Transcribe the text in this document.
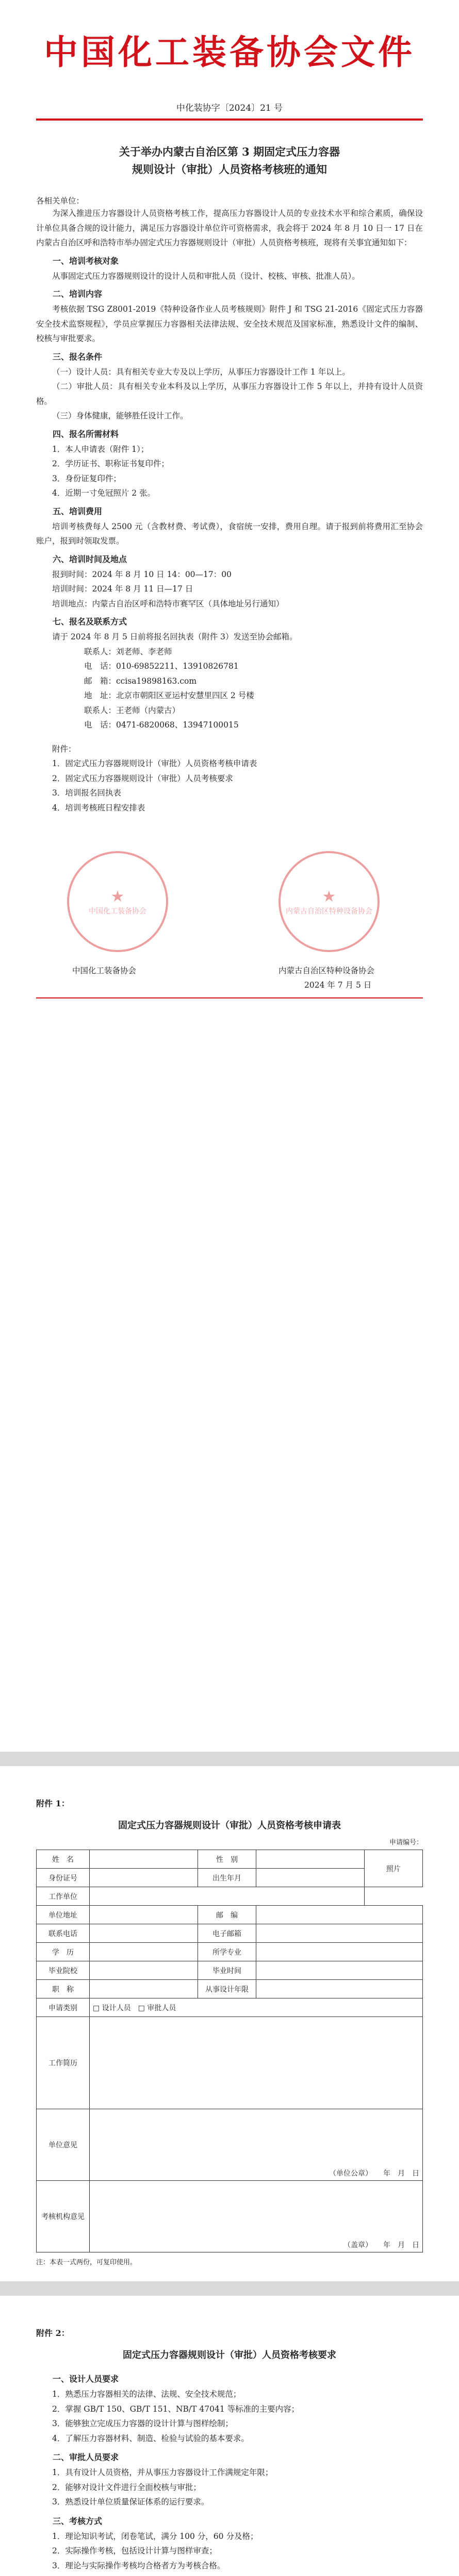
中国化工装备协会文件
中化装协字〔2024〕21 号
关于举办内蒙古自治区第 3 期固定式压力容器
规则设计（审批）人员资格考核班的通知
各相关单位：

为深入推进压力容器设计人员资格考核工作，提高压力容器设计人员的专业技术水平和综合素质，确保设计单位具备合规的设计能力，满足压力容器设计单位许可资格需求，我会将于 2024 年 8 月 10 日一 17 日在内蒙古自治区呼和浩特市举办固定式压力容器规则设计（审批）人员资格考核班，现将有关事宜通知如下：

一、培训考核对象

从事固定式压力容器规则设计的设计人员和审批人员（设计、校核、审核、批准人员）。

二、培训内容

考核依据 TSG Z8001-2019《特种设备作业人员考核规则》附件 J 和 TSG 21-2016《固定式压力容器安全技术监察规程》，学员应掌握压力容器相关法律法规、安全技术规范及国家标准，熟悉设计文件的编制、校核与审批要求。

三、报名条件

（一）设计人员：具有相关专业大专及以上学历，从事压力容器设计工作 1 年以上。

（二）审批人员：具有相关专业本科及以上学历，从事压力容器设计工作 5 年以上，并持有设计人员资格。

（三）身体健康，能够胜任设计工作。

四、报名所需材料

1．本人申请表（附件 1）；

2．学历证书、职称证书复印件；

3．身份证复印件；

4．近期一寸免冠照片 2 张。

五、培训费用

培训考核费每人 2500 元（含教材费、考试费），食宿统一安排，费用自理。请于报到前将费用汇至协会账户，报到时领取发票。

六、培训时间及地点

报到时间：2024 年 8 月 10 日 14：00—17：00

培训时间：2024 年 8 月 11 日—17 日

培训地点：内蒙古自治区呼和浩特市赛罕区（具体地址另行通知）

七、报名及联系方式

请于 2024 年 8 月 5 日前将报名回执表（附件 3）发送至协会邮箱。

联系人：刘老师、李老师

电　话：010-69852211、13910826781

邮　箱：ccisa19898163.com

地　址：北京市朝阳区亚运村安慧里四区 2 号楼

联系人：王老师（内蒙古）

电　话：0471-6820068、13947100015

附件：

1．固定式压力容器规则设计（审批）人员资格考核申请表

2．固定式压力容器规则设计（审批）人员考核要求

3．培训报名回执表

4．培训考核班日程安排表

★
中国化工装备协会
★
内蒙古自治区特种设备协会
中国化工装备协会	内蒙古自治区特种设备协会
2024 年 7 月 5 日
附件 1：
固定式压力容器规则设计（审批）人员资格考核申请表
申请编号：
姓　名		性　别		照片
身份证号		出生年月		
工作单位				
单位地址		邮　编		
联系电话		电子邮箱		
学　历		所学专业		
毕业院校		毕业时间		
职　称		从事设计年限		
申请类别	□ 设计人员　□ 审批人员			
工作简历				
单位意见	（单位公章）　　年　月　日			
考核机构意见	（盖章）　　年　月　日			
注：本表一式两份，可复印使用。
附件 2：
固定式压力容器规则设计（审批）人员资格考核要求

一、设计人员要求

1．熟悉压力容器相关的法律、法规、安全技术规范；

2．掌握 GB/T 150、GB/T 151、NB/T 47041 等标准的主要内容；

3．能够独立完成压力容器的设计计算与图样绘制；

4．了解压力容器材料、制造、检验与试验的基本要求。

二、审批人员要求

1．具有设计人员资格，并从事压力容器设计工作满规定年限；

2．能够对设计文件进行全面校核与审批；

3．熟悉设计单位质量保证体系的运行要求。

三、考核方式

1．理论知识考试，闭卷笔试，满分 100 分，60 分及格；

2．实际操作考核，包括设计计算与图样审查；

3．理论与实际操作考核均合格者方为考核合格。
